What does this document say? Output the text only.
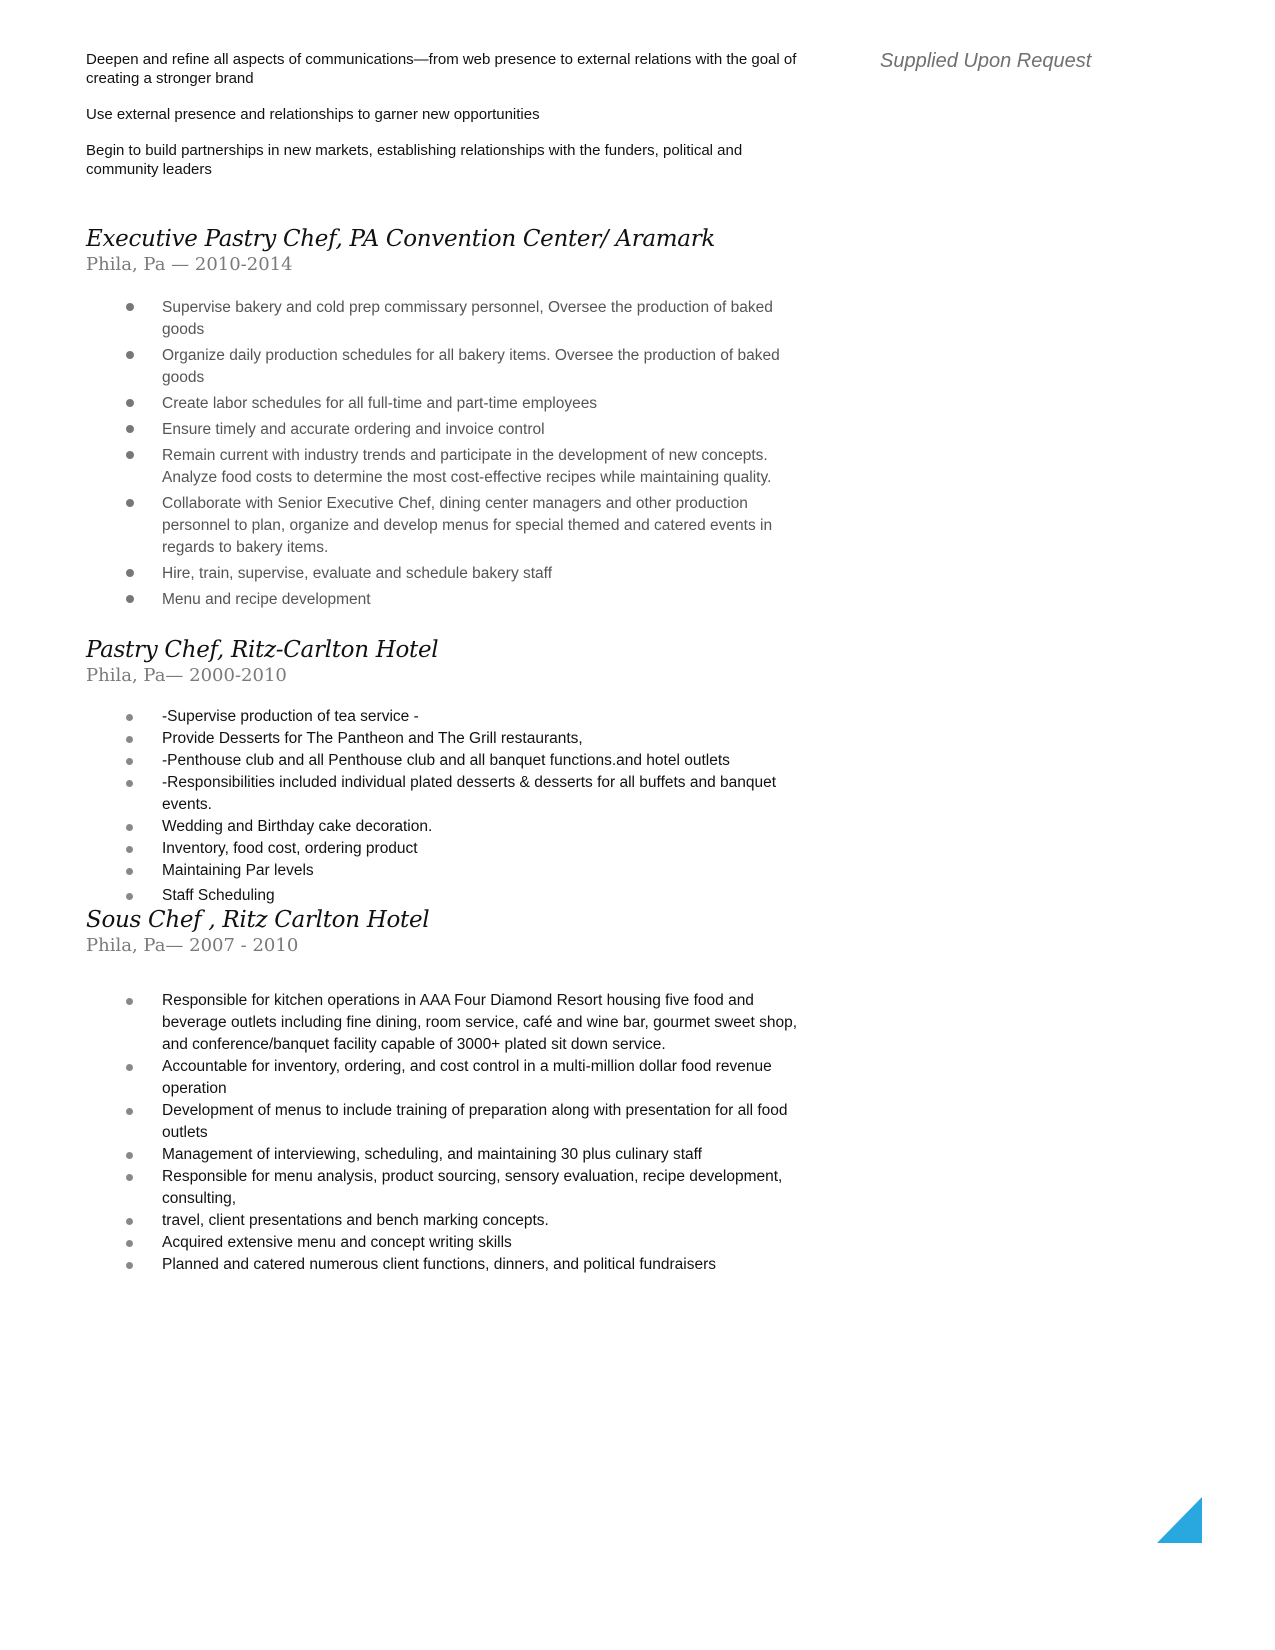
Deepen and refine all aspects of communications—from web presence to external relations with the goal of creating a stronger brand

Use external presence and relationships to garner new opportunities

Begin to build partnerships in new markets, establishing relationships with the funders, political and community leaders

Supplied Upon Request
Executive Pastry Chef, PA Convention Center/ Aramark

Phila, Pa — 2010-2014

Supervise bakery and cold prep commissary personnel, Oversee the production of baked goods
Organize daily production schedules for all bakery items. Oversee the production of baked goods
Create labor schedules for all full-time and part-time employees
Ensure timely and accurate ordering and invoice control
Remain current with industry trends and participate in the development of new concepts. Analyze food costs to determine the most cost-effective recipes while maintaining quality.
Collaborate with Senior Executive Chef, dining center managers and other production personnel to plan, organize and develop menus for special themed and catered events in regards to bakery items.
Hire, train, supervise, evaluate and schedule bakery staff
Menu and recipe development
Pastry Chef, Ritz-Carlton Hotel

Phila, Pa— 2000-2010

-Supervise production of tea service -
Provide Desserts for The Pantheon and The Grill restaurants,
-Penthouse club and all Penthouse club and all banquet functions.and hotel outlets
-Responsibilities included individual plated desserts & desserts for all buffets and banquet events.
Wedding and Birthday cake decoration.
Inventory, food cost, ordering product
Maintaining Par levels
Staff Scheduling
Sous Chef , Ritz Carlton Hotel

Phila, Pa— 2007 - 2010

Responsible for kitchen operations in AAA Four Diamond Resort housing five food and beverage outlets including fine dining, room service, café and wine bar, gourmet sweet shop, and conference/banquet facility capable of 3000+ plated sit down service.
Accountable for inventory, ordering, and cost control in a multi-million dollar food revenue operation
Development of menus to include training of preparation along with presentation for all food outlets
Management of interviewing, scheduling, and maintaining 30 plus culinary staff
Responsible for menu analysis, product sourcing, sensory evaluation, recipe development, consulting,
travel, client presentations and bench marking concepts.
Acquired extensive menu and concept writing skills
Planned and catered numerous client functions, dinners, and political fundraisers
